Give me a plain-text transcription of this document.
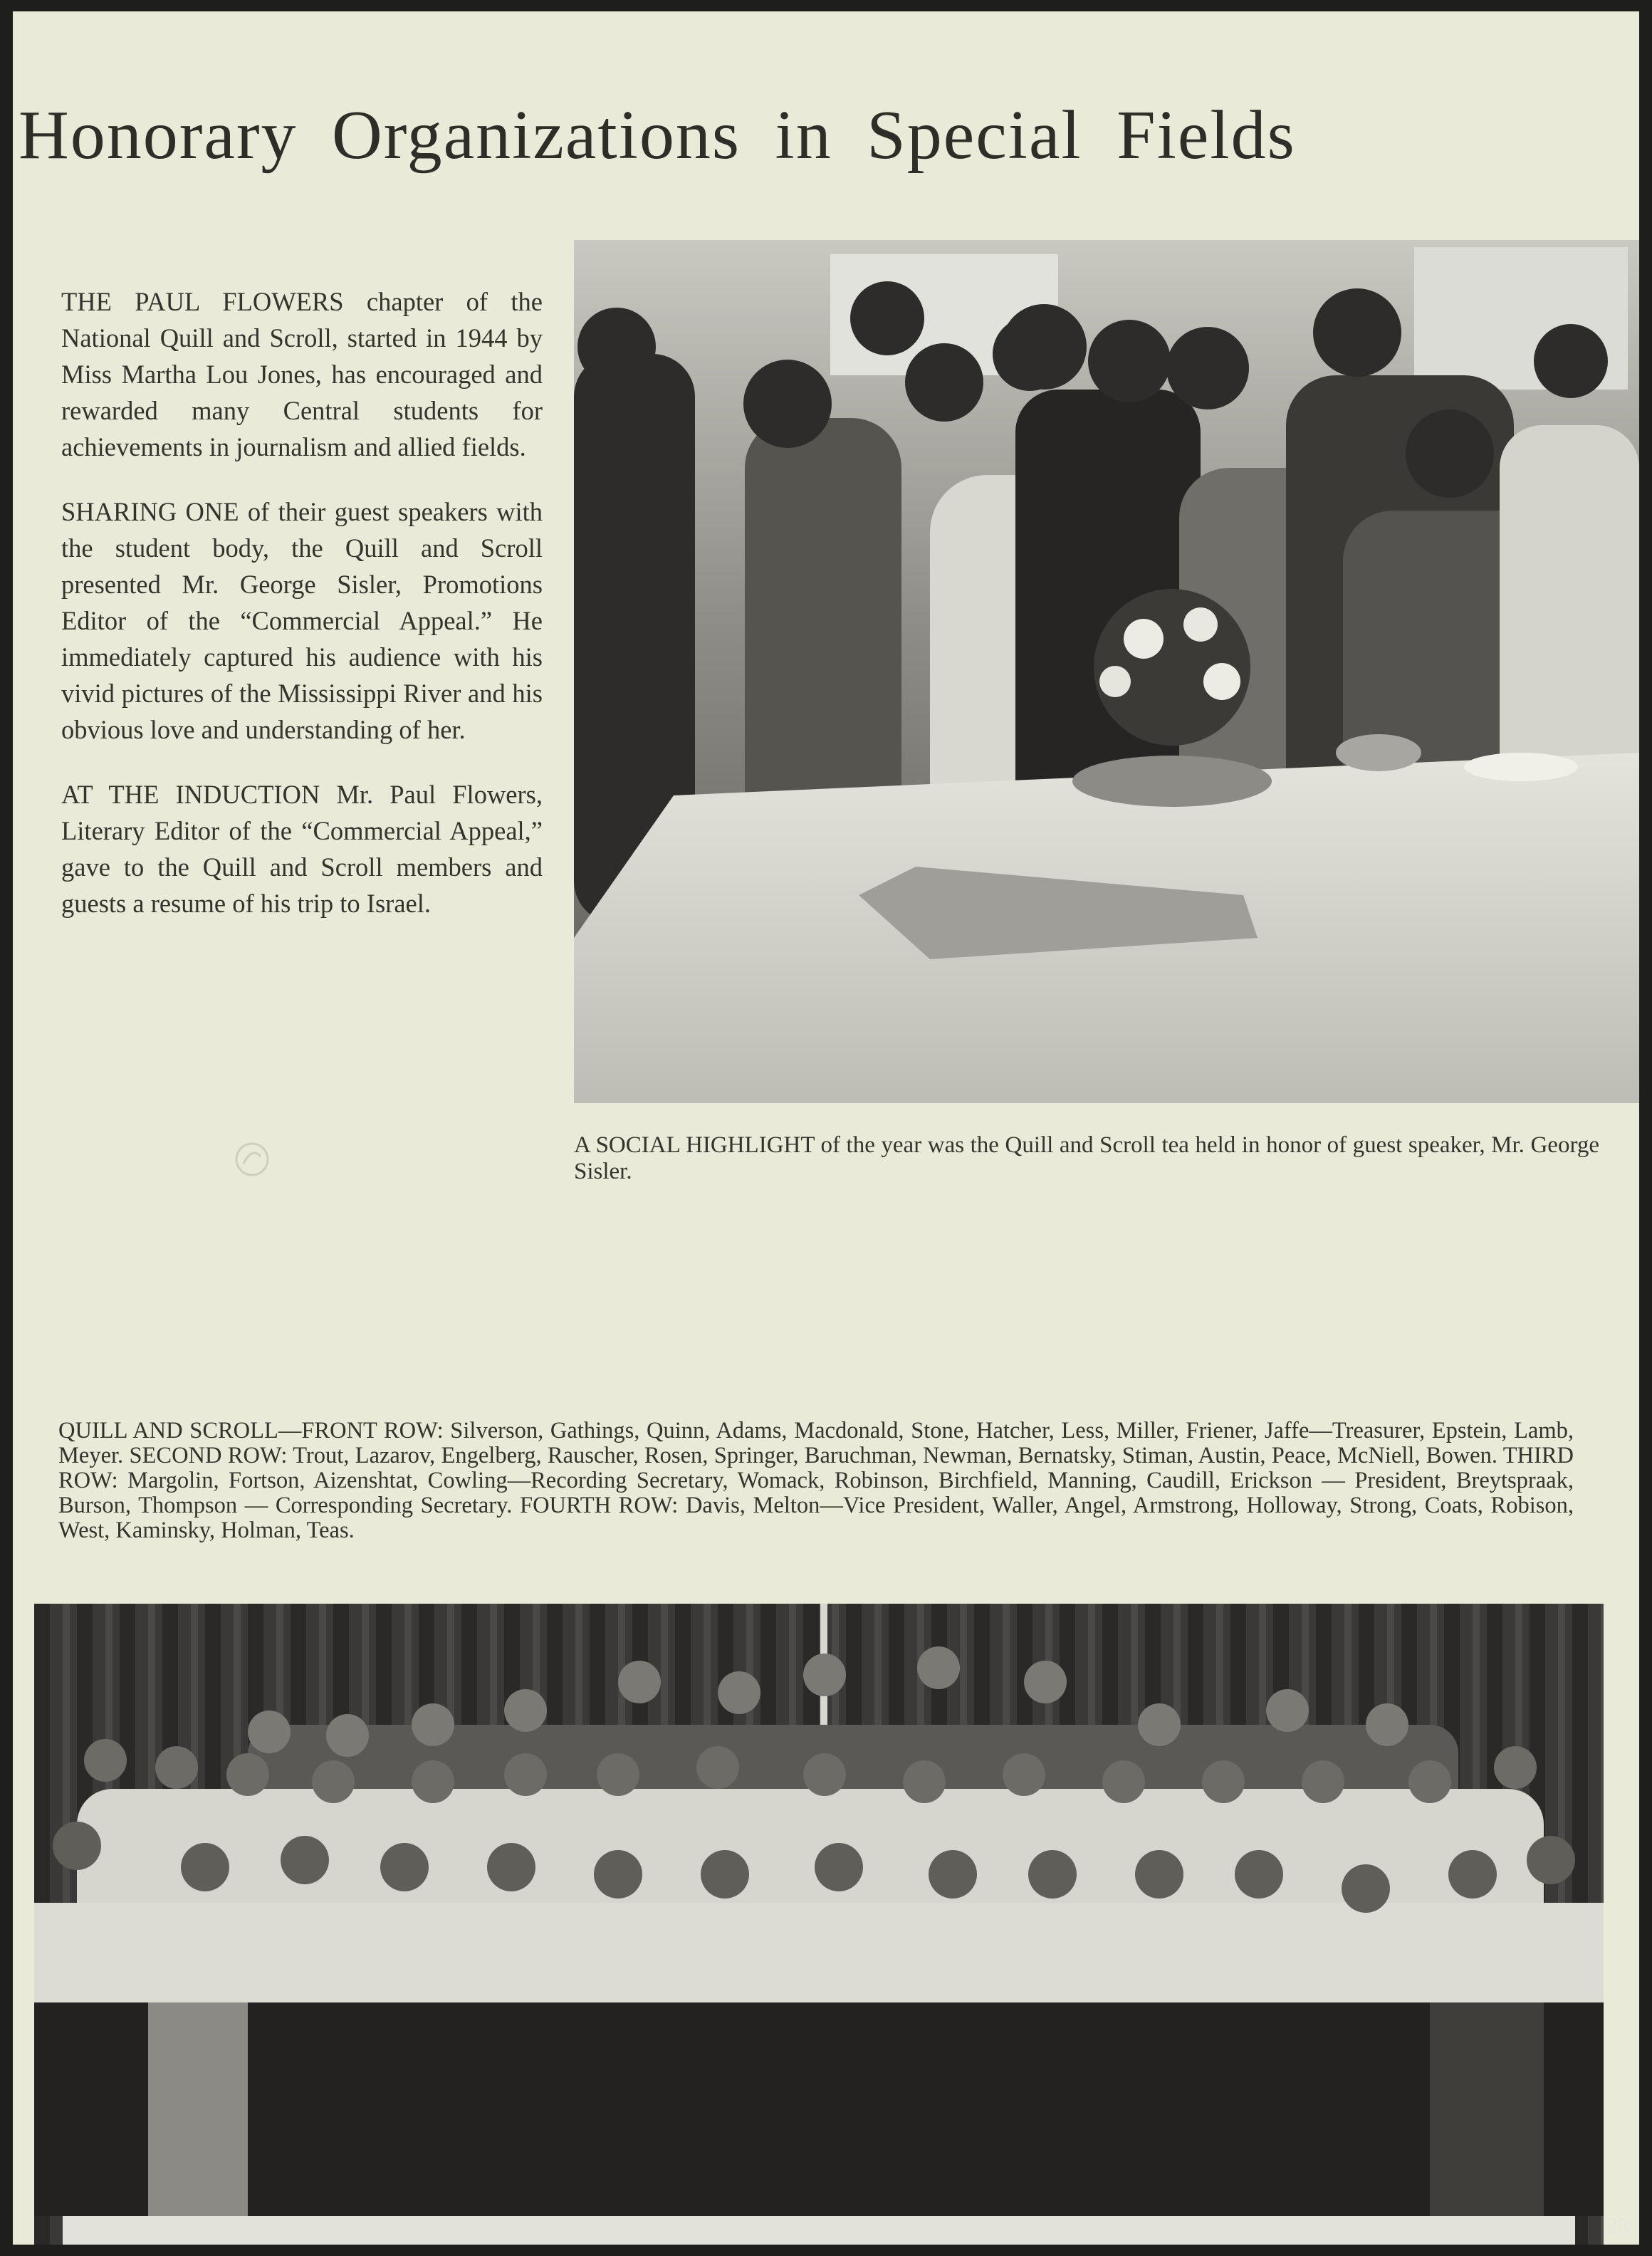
Honorary Organizations in Special Fields

THE PAUL FLOWERS chapter of the National Quill and Scroll, started in 1944 by Miss Martha Lou Jones, has encouraged and rewarded many Central students for achievements in journalism and allied fields.

SHARING ONE of their guest speakers with the student body, the Quill and Scroll presented Mr. George Sisler, Promotions Editor of the “Commercial Appeal.” He immediately captured his audience with his vivid pictures of the Mississippi River and his obvious love and understanding of her.

AT THE INDUCTION Mr. Paul Flowers, Literary Editor of the “Commercial Appeal,” gave to the Quill and Scroll members and guests a resume of his trip to Israel.

A SOCIAL HIGHLIGHT of the year was the Quill and Scroll tea held in honor of guest speaker, Mr. George Sisler.
QUILL AND SCROLL—FRONT ROW: Silverson, Gathings, Quinn, Adams, Macdonald, Stone, Hatcher, Less, Miller, Friener, Jaffe—Treasurer, Epstein, Lamb, Meyer. SECOND ROW: Trout, Lazarov, Engelberg, Rauscher, Rosen, Springer, Baruchman, Newman, Bernatsky, Stiman, Austin, Peace, McNiell, Bowen. THIRD ROW: Margolin, Fortson, Aizenshtat, Cowling—Recording Secretary, Womack, Robinson, Birchfield, Manning, Caudill, Erickson — President, Breytspraak, Burson, Thompson — Corresponding Secretary. FOURTH ROW: Davis, Melton—Vice President, Waller, Angel, Armstrong, Holloway, Strong, Coats, Robison, West, Kaminsky, Holman, Teas.
23
